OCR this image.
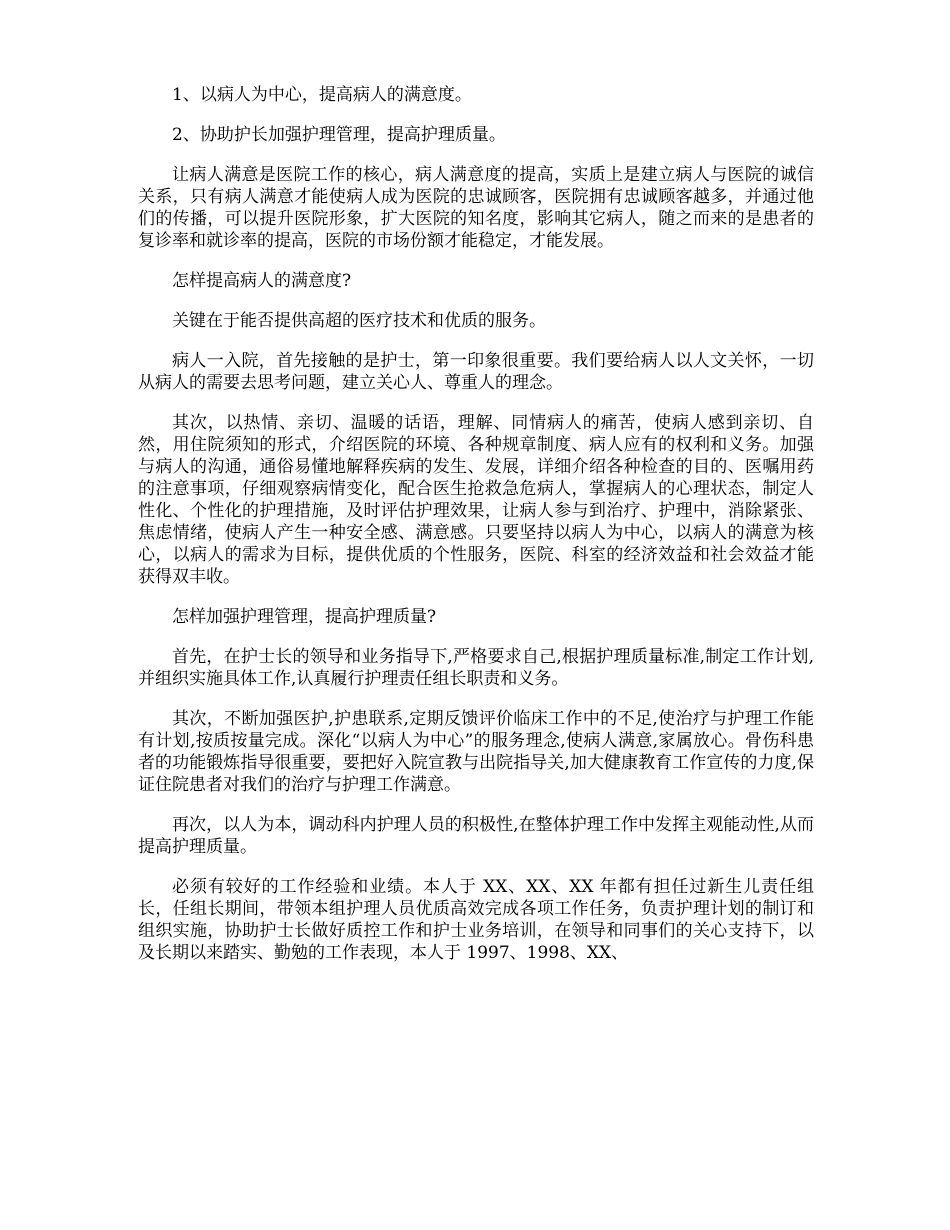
1、以病人为中心，提高病人的满意度。

2、协助护长加强护理管理，提高护理质量。

让病人满意是医院工作的核心，病人满意度的提高，实质上是建立病人与医院的诚信关系，只有病人满意才能使病人成为医院的忠诚顾客，医院拥有忠诚顾客越多，并通过他们的传播，可以提升医院形象，扩大医院的知名度，影响其它病人，随之而来的是患者的复诊率和就诊率的提高，医院的市场份额才能稳定，才能发展。

怎样提高病人的满意度?

关键在于能否提供高超的医疗技术和优质的服务。

病人一入院，首先接触的是护士，第一印象很重要。我们要给病人以人文关怀，一切从病人的需要去思考问题，建立关心人、尊重人的理念。

其次，以热情、亲切、温暖的话语，理解、同情病人的痛苦，使病人感到亲切、自然，用住院须知的形式，介绍医院的环境、各种规章制度、病人应有的权利和义务。加强与病人的沟通，通俗易懂地解释疾病的发生、发展，详细介绍各种检查的目的、医嘱用药的注意事项，仔细观察病情变化，配合医生抢救急危病人，掌握病人的心理状态，制定人性化、个性化的护理措施，及时评估护理效果，让病人参与到治疗、护理中，消除紧张、焦虑情绪，使病人产生一种安全感、满意感。只要坚持以病人为中心，以病人的满意为核心，以病人的需求为目标，提供优质的个性服务，医院、科室的经济效益和社会效益才能获得双丰收。

怎样加强护理管理，提高护理质量?

首先，在护士长的领导和业务指导下,严格要求自己,根据护理质量标准,制定工作计划,并组织实施具体工作,认真履行护理责任组长职责和义务。

其次，不断加强医护,护患联系,定期反馈评价临床工作中的不足,使治疗与护理工作能有计划,按质按量完成。深化“以病人为中心”的服务理念,使病人满意,家属放心。骨伤科患者的功能锻炼指导很重要，要把好入院宣教与出院指导关,加大健康教育工作宣传的力度,保证住院患者对我们的治疗与护理工作满意。

再次，以人为本，调动科内护理人员的积极性,在整体护理工作中发挥主观能动性,从而提高护理质量。

必须有较好的工作经验和业绩。本人于 XX、XX、XX 年都有担任过新生儿责任组长，任组长期间，带领本组护理人员优质高效完成各项工作任务，负责护理计划的制订和组织实施，协助护士长做好质控工作和护士业务培训，在领导和同事们的关心支持下，以及长期以来踏实、勤勉的工作表现，本人于 1997、1998、XX、
